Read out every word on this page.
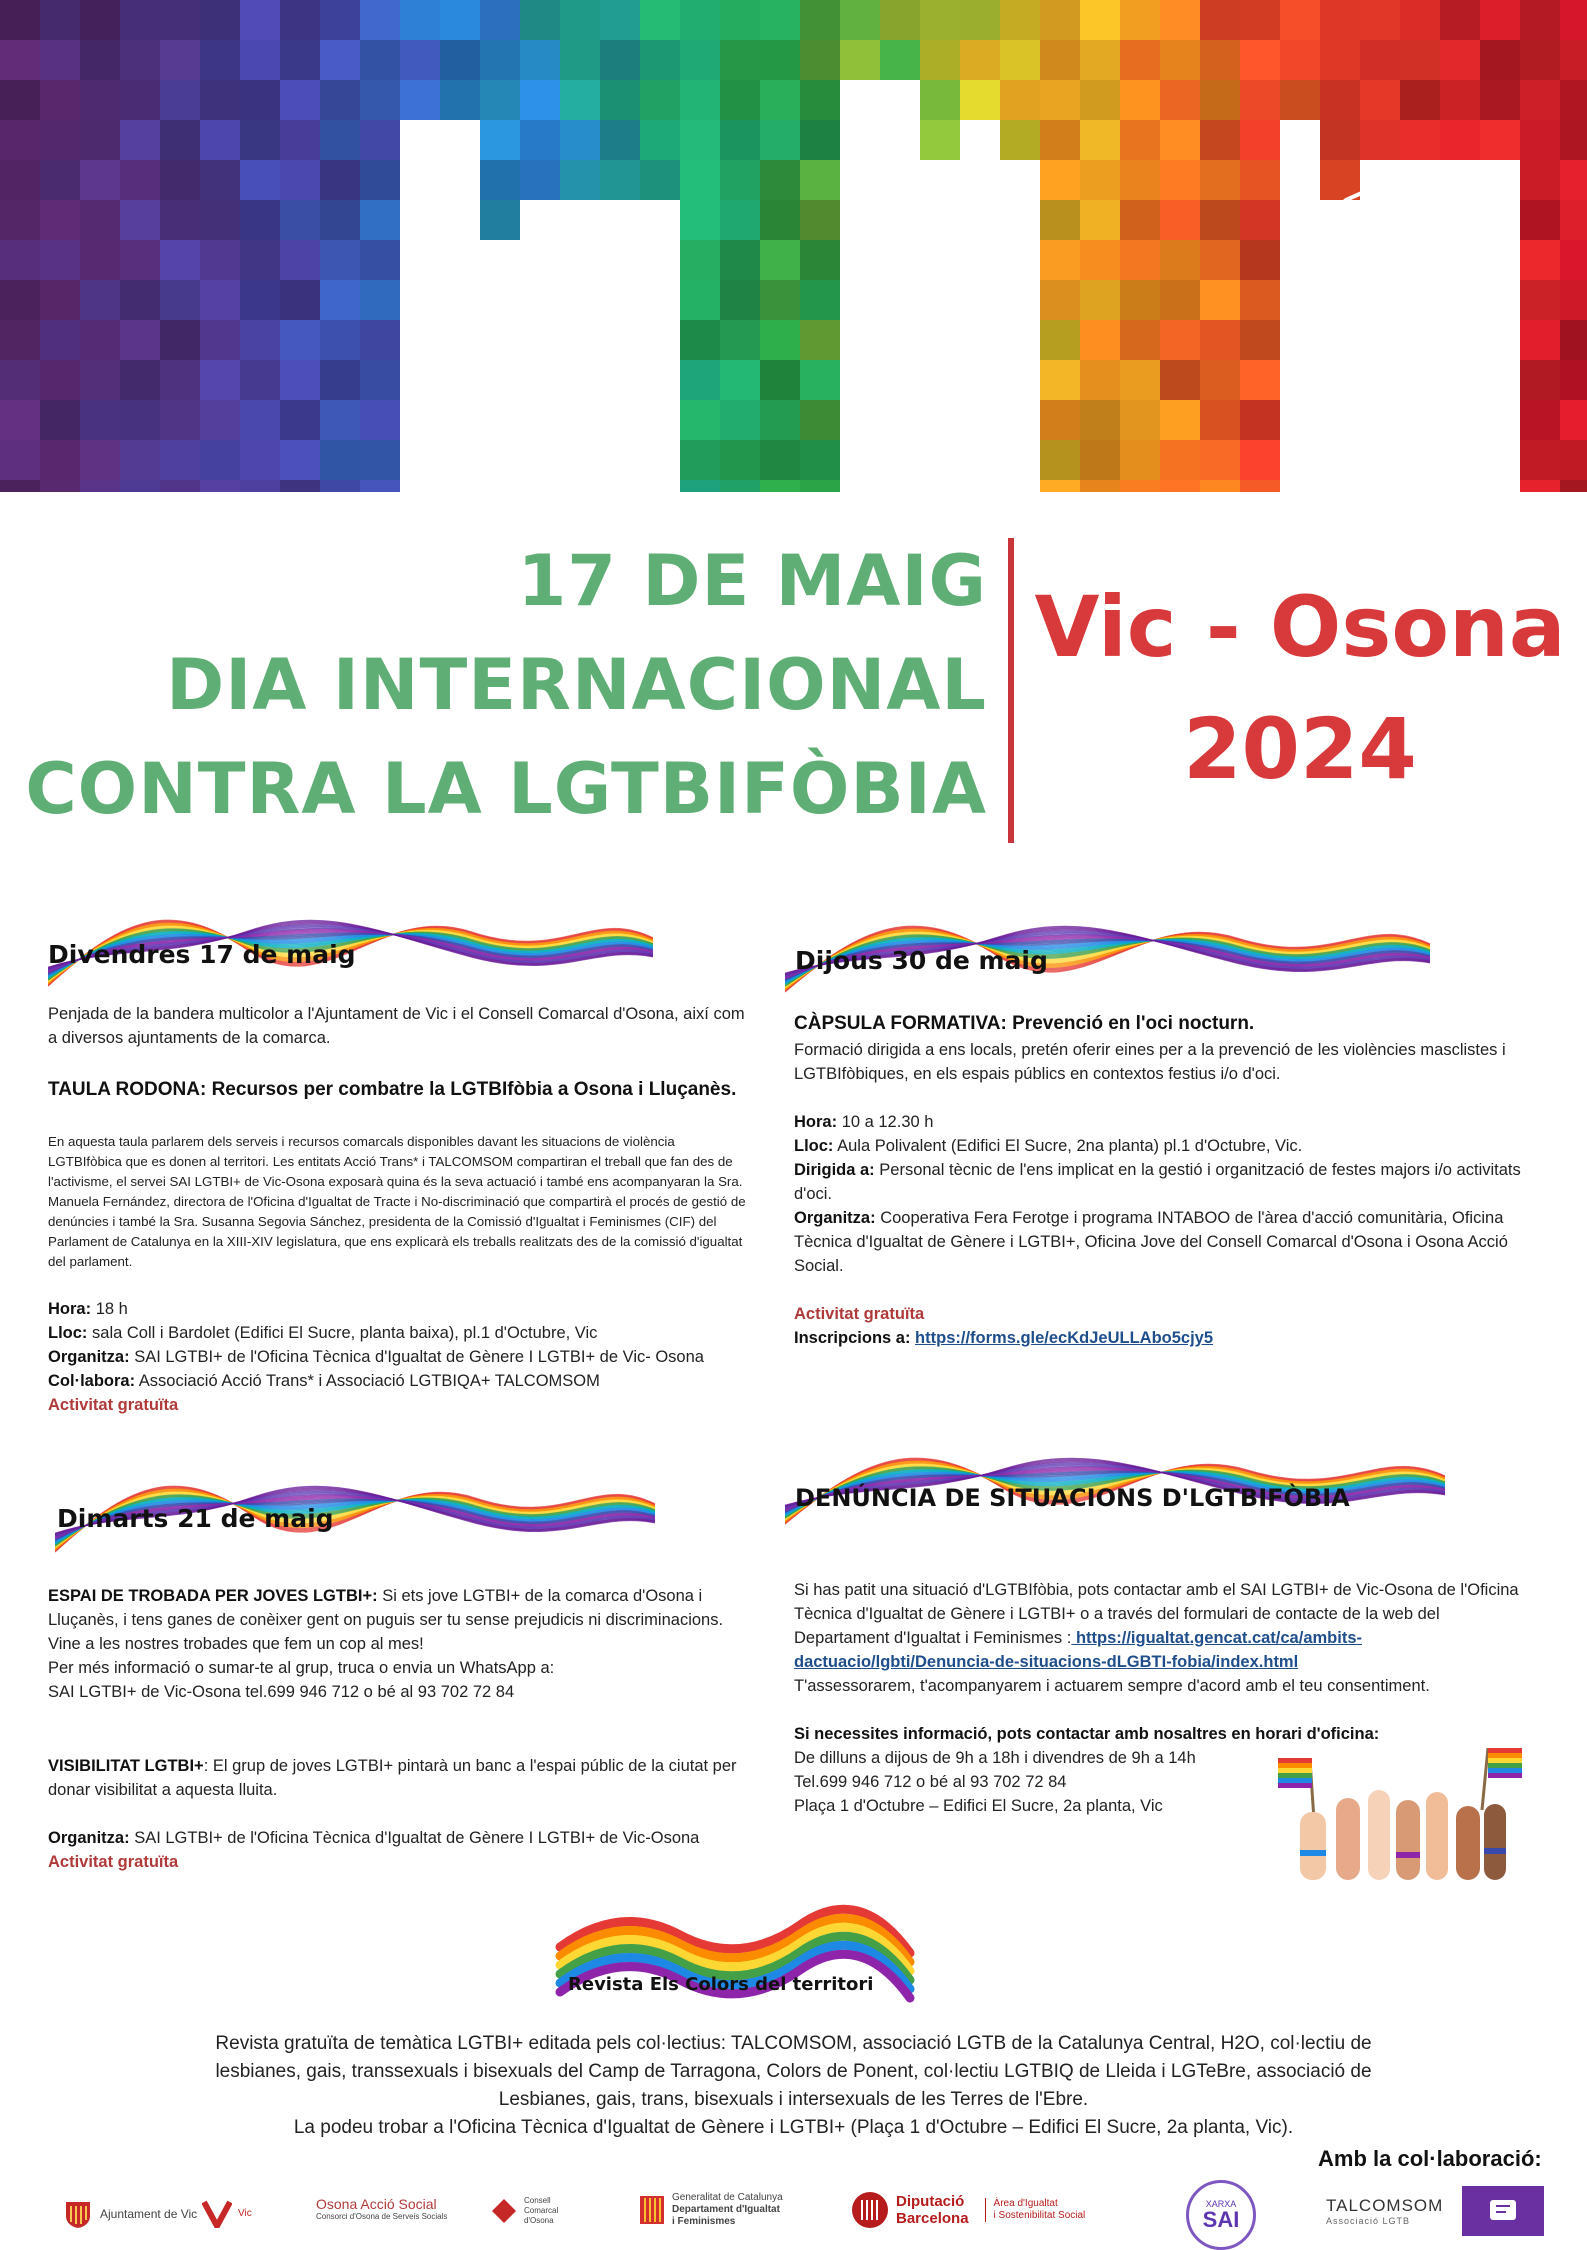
17 DE MAIG
DIA INTERNACIONAL
CONTRA LA LGTBIFÒBIA
Vic - Osona
2024
Divendres 17 de maig
Penjada de la bandera multicolor a l'Ajuntament de Vic i el Consell Comarcal d'Osona, així com a diversos ajuntaments de la comarca.
TAULA RODONA: Recursos per combatre la LGTBIfòbia a Osona i Lluçanès.
En aquesta taula parlarem dels serveis i recursos comarcals disponibles davant les situacions de violència LGTBIfòbica que es donen al territori. Les entitats Acció Trans* i TALCOMSOM compartiran el treball que fan des de l'activisme, el servei SAI LGTBI+ de Vic-Osona exposarà quina és la seva actuació i també ens acompanyaran la Sra. Manuela Fernández, directora de l'Oficina d'Igualtat de Tracte i No-discriminació que compartirà el procés de gestió de denúncies i també la Sra. Susanna Segovia Sánchez, presidenta de la Comissió d'Igualtat i Feminismes (CIF) del Parlament de Catalunya en la XIII-XIV legislatura, que ens explicarà els treballs realitzats des de la comissió d'igualtat del parlament.
Hora: 18 h
Lloc: sala Coll i Bardolet (Edifici El Sucre, planta baixa), pl.1 d'Octubre, Vic
Organitza: SAI LGTBI+ de l'Oficina Tècnica d'Igualtat de Gènere I LGTBI+ de Vic- Osona
Col·labora: Associació Acció Trans* i Associació LGTBIQA+ TALCOMSOM
Activitat gratuïta
Dijous 30 de maig
CÀPSULA FORMATIVA: Prevenció en l'oci nocturn.
Formació dirigida a ens locals, pretén oferir eines per a la prevenció de les violències masclistes i LGTBIfòbiques, en els espais públics en contextos festius i/o d'oci.
Hora: 10 a 12.30 h
Lloc: Aula Polivalent (Edifici El Sucre, 2na planta) pl.1 d'Octubre, Vic.
Dirigida a: Personal tècnic de l'ens implicat en la gestió i organització de festes majors i/o activitats d'oci.
Organitza: Cooperativa Fera Ferotge i programa INTABOO de l'àrea d'acció comunitària, Oficina Tècnica d'Igualtat de Gènere i LGTBI+, Oficina Jove del Consell Comarcal d'Osona i Osona Acció Social.
Activitat gratuïta
Inscripcions a: https://forms.gle/ecKdJeULLAbo5cjy5
Dimarts 21 de maig
ESPAI DE TROBADA PER JOVES LGTBI+: Si ets jove LGTBI+ de la comarca d'Osona i Lluçanès, i tens ganes de conèixer gent on puguis ser tu sense prejudicis ni discriminacions. Vine a les nostres trobades que fem un cop al mes!
Per més informació o sumar-te al grup, truca o envia un WhatsApp a:
SAI LGTBI+ de Vic-Osona tel.699 946 712 o bé al 93 702 72 84
VISIBILITAT LGTBI+: El grup de joves LGTBI+ pintarà un banc a l'espai públic de la ciutat per donar visibilitat a aquesta lluita.
Organitza: SAI LGTBI+ de l'Oficina Tècnica d'Igualtat de Gènere I LGTBI+ de Vic-Osona
Activitat gratuïta
DENÚNCIA DE SITUACIONS D'LGTBIFÒBIA
Si has patit una situació d'LGTBIfòbia, pots contactar amb el SAI LGTBI+ de Vic-Osona de l'Oficina Tècnica d'Igualtat de Gènere i LGTBI+ o a través del formulari de contacte de la web del Departament d'Igualtat i Feminismes : https://igualtat.gencat.cat/ca/ambits-dactuacio/lgbti/Denuncia-de-situacions-dLGBTI-fobia/index.html
T'assessorarem, t'acompanyarem i actuarem sempre d'acord amb el teu consentiment.
Si necessites informació, pots contactar amb nosaltres en horari d'oficina:
De dilluns a dijous de 9h a 18h i divendres de 9h a 14h
Tel.699 946 712 o bé al 93 702 72 84
Plaça 1 d'Octubre – Edifici El Sucre, 2a planta, Vic
Revista Els Colors del territori
Revista gratuïta de temàtica LGTBI+ editada pels col·lectius: TALCOMSOM, associació LGTB de la Catalunya Central, H2O, col·lectiu de
lesbianes, gais, transsexuals i bisexuals del Camp de Tarragona, Colors de Ponent, col·lectiu LGTBIQ de Lleida i LGTeBre, associació de
Lesbianes, gais, trans, bisexuals i intersexuals de les Terres de l'Ebre.
La podeu trobar a l'Oficina Tècnica d'Igualtat de Gènere i LGTBI+ (Plaça 1 d'Octubre – Edifici El Sucre, 2a planta, Vic).
Amb la col·laboració:
Ajuntament de Vic	Vic
Osona Acció Social
Consorci d'Osona de Serveis Socials
Consell Comarcal d'Osona
Generalitat de Catalunya
Departament d'Igualtat
i Feminismes
Diputació
Barcelona
Àrea d'Igualtat
i Sostenibilitat Social
XARXA
SAI
TALCOMSOM
Associació LGTB
